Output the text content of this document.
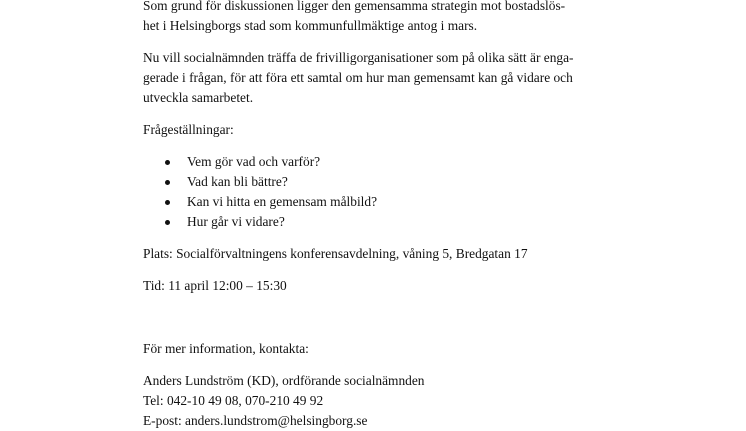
Som grund för diskussionen ligger den gemensamma strategin mot bostadslös-
het i Helsingborgs stad som kommunfullmäktige antog i mars.

Nu vill socialnämnden träffa de frivilligorganisationer som på olika sätt är enga-
gerade i frågan, för att föra ett samtal om hur man gemensamt kan gå vidare och
utveckla samarbetet.

Frågeställningar:

Vem gör vad och varför?
Vad kan bli bättre?
Kan vi hitta en gemensam målbild?
Hur går vi vidare?

Plats: Socialförvaltningens konferensavdelning, våning 5, Bredgatan 17

Tid: 11 april 12:00 – 15:30

För mer information, kontakta:

Anders Lundström (KD), ordförande socialnämnden
Tel: 042-10 49 08, 070-210 49 92
E-post: anders.lundstrom@helsingborg.se
